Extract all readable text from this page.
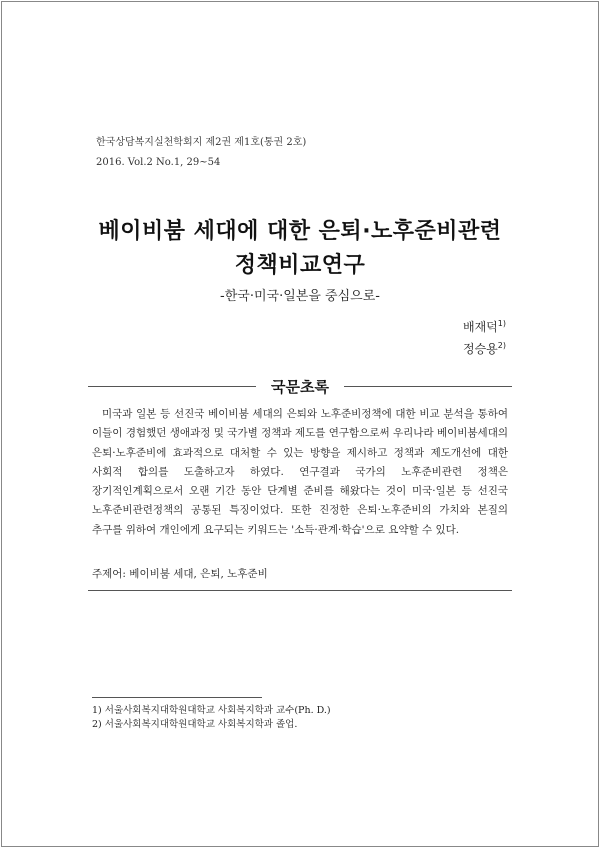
한국상담복지실천학회지 제2권 제1호(통권 2호)
2016. Vol.2 No.1, 29~54
베이비붐 세대에 대한 은퇴·노후준비관련
정책비교연구
-한국·미국·일본을 중심으로-
배재덕$^{1)}$
정승용$^{2)}$
국문초록
미국과 일본 등 선진국 베이비붐 세대의 은퇴와 노후준비정책에 대한 비교 분석을 통하여 이들이 경험했던 생애과정 및 국가별 정책과 제도를 연구함으로써 우리나라 베이비붐세대의 은퇴·노후준비에 효과적으로 대처할 수 있는 방향을 제시하고 정책과 제도개선에 대한 사회적 합의를 도출하고자 하였다. 연구결과 국가의 노후준비관련 정책은 장기적인계획으로서 오랜 기간 동안 단계별 준비를 해왔다는 것이 미국·일본 등 선진국 노후준비관련정책의 공통된 특징이었다. 또한 진정한 은퇴·노후준비의 가치와 본질의 추구를 위하여 개인에게 요구되는 키워드는 '소득·관계·학습'으로 요약할 수 있다.
주제어: 베이비붐 세대, 은퇴, 노후준비
1) 서울사회복지대학원대학교 사회복지학과 교수(Ph. D.)
2) 서울사회복지대학원대학교 사회복지학과 졸업.
